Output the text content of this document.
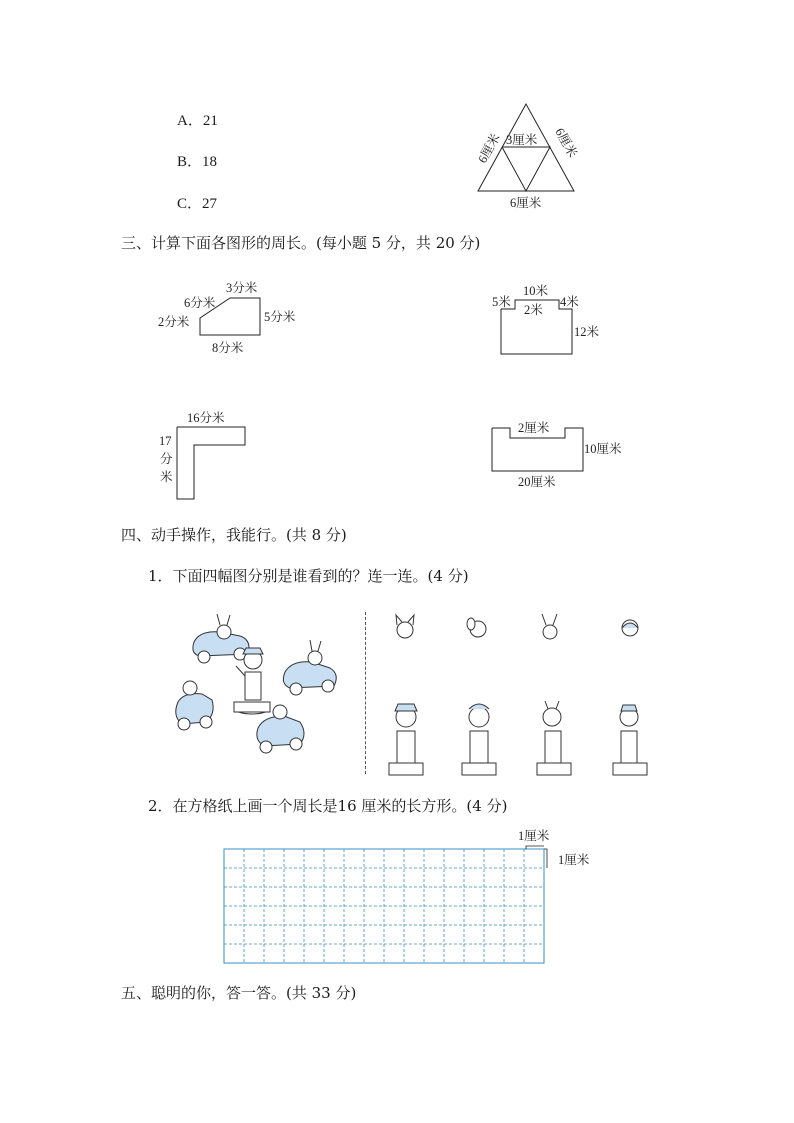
A．21
B．18
C．27
6厘米	6厘米
3厘米
6厘米
三、计算下面各图形的周长。(每小题 5 分，共 20 分)
3分米
6分米
2分米	5分米
8分米
10米
5米	4米
2米
12米
16分米
17
分
米
2厘米
10厘米
20厘米
四、动手操作，我能行。(共 8 分)
1．下面四幅图分别是谁看到的？连一连。(4 分)
2．在方格纸上画一个周长是16 厘米的长方形。(4 分)
1厘米
1厘米
五、聪明的你，答一答。(共 33 分)
